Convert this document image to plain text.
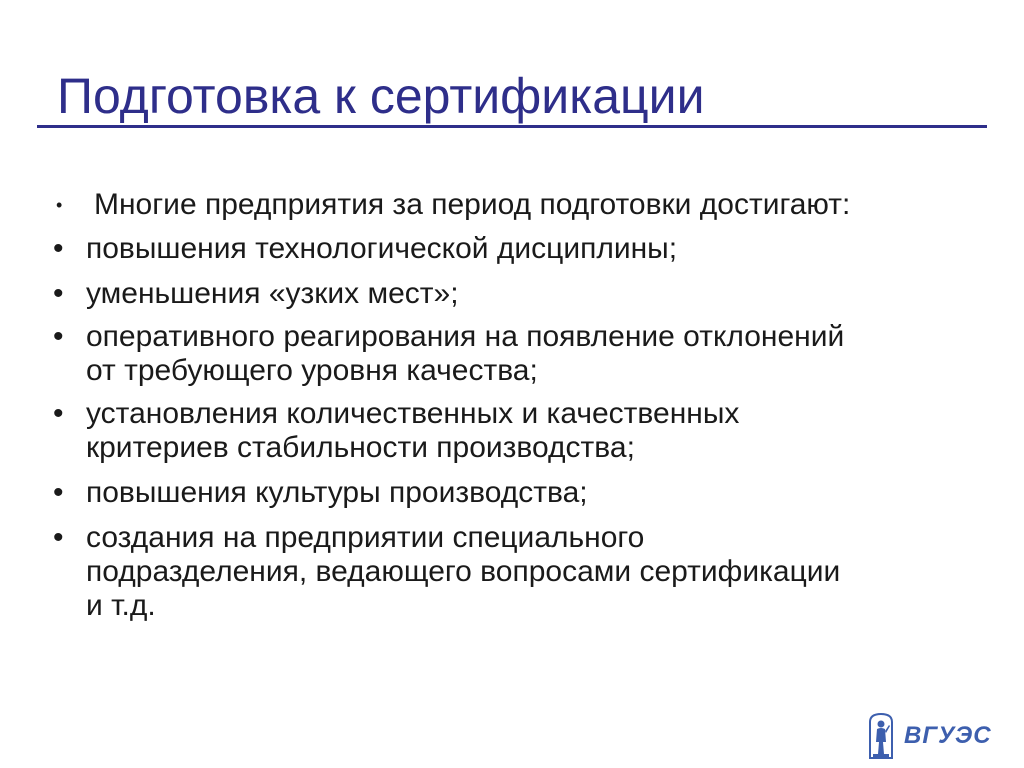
Подготовка к сертификации
• Многие предприятия за период подготовки достигают:
• повышения технологической дисциплины;
• уменьшения «узких мест»;
• оперативного реагирования на появление отклонений
от требующего уровня качества;
• установления количественных и качественных
критериев стабильности производства;
• повышения культуры производства;
• создания на предприятии специального
подразделения, ведающего вопросами сертификации
и т.д.
ВГУЭС
